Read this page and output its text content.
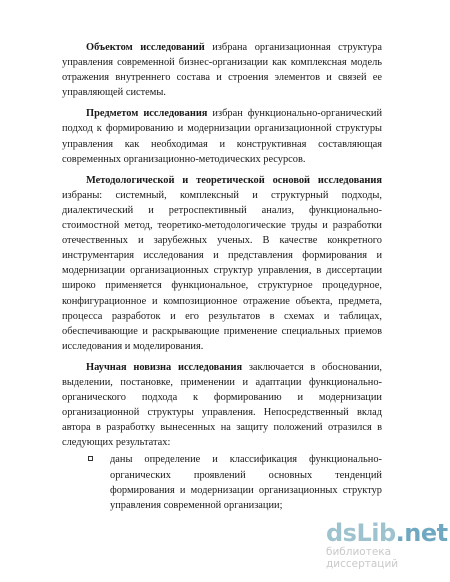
Объектом исследований избрана организационная структура управления современной бизнес-организации как комплексная модель отражения внутреннего состава и строения элементов и связей ее управляющей системы.

Предметом исследования избран функционально-органический подход к формированию и модернизации организационной структуры управления как необходимая и конструктивная составляющая современных организационно-методических ресурсов.

Методологической и теоретической основой исследования избраны: системный, комплексный и структурный подходы, диалектический и ретроспективный анализ, функционально-стоимостной метод, теоретико-методологические труды и разработки отечественных и зарубежных ученых. В качестве конкретного инструментария исследования и представления формирования и модернизации организационных структур управления, в диссертации широко применяется функциональное, структурное процедурное, конфигурационное и композиционное отражение объекта, предмета, процесса разработок и его результатов в схемах и таблицах, обеспечивающие и раскрывающие применение специальных приемов исследования и моделирования.

Научная новизна исследования заключается в обосновании, выделении, постановке, применении и адаптации функционально-органического подхода к формированию и модернизации организационной структуры управления. Непосредственный вклад автора в разработку вынесенных на защиту положений отразился в следующих результатах:

даны определение и классификация функционально-органических проявлений основных тенденций формирования и модернизации организационных структур управления современной организации;
dsLib.net
библиотека диссертаций
